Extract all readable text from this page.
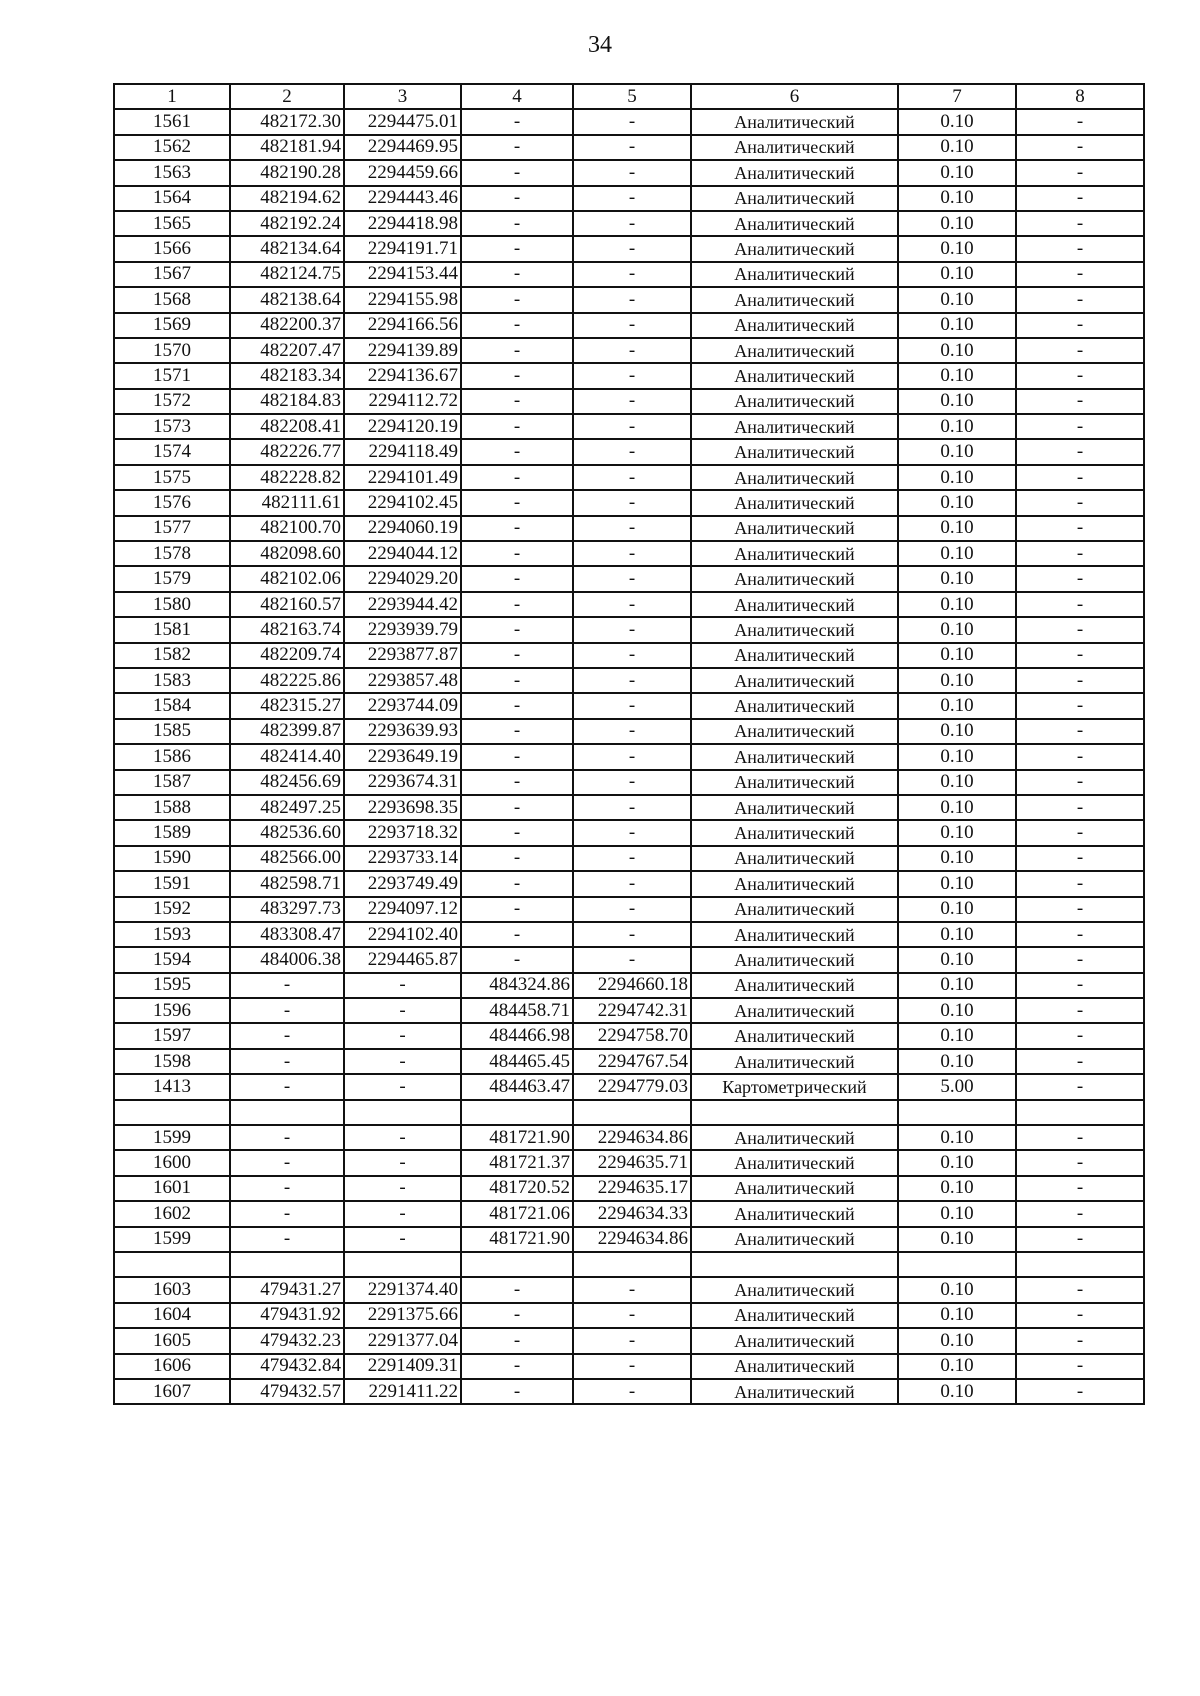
34
1	2	3	4	5	6	7	8
1561	482172.30	2294475.01	-	-	Аналитический	0.10	-
1562	482181.94	2294469.95	-	-	Аналитический	0.10	-
1563	482190.28	2294459.66	-	-	Аналитический	0.10	-
1564	482194.62	2294443.46	-	-	Аналитический	0.10	-
1565	482192.24	2294418.98	-	-	Аналитический	0.10	-
1566	482134.64	2294191.71	-	-	Аналитический	0.10	-
1567	482124.75	2294153.44	-	-	Аналитический	0.10	-
1568	482138.64	2294155.98	-	-	Аналитический	0.10	-
1569	482200.37	2294166.56	-	-	Аналитический	0.10	-
1570	482207.47	2294139.89	-	-	Аналитический	0.10	-
1571	482183.34	2294136.67	-	-	Аналитический	0.10	-
1572	482184.83	2294112.72	-	-	Аналитический	0.10	-
1573	482208.41	2294120.19	-	-	Аналитический	0.10	-
1574	482226.77	2294118.49	-	-	Аналитический	0.10	-
1575	482228.82	2294101.49	-	-	Аналитический	0.10	-
1576	482111.61	2294102.45	-	-	Аналитический	0.10	-
1577	482100.70	2294060.19	-	-	Аналитический	0.10	-
1578	482098.60	2294044.12	-	-	Аналитический	0.10	-
1579	482102.06	2294029.20	-	-	Аналитический	0.10	-
1580	482160.57	2293944.42	-	-	Аналитический	0.10	-
1581	482163.74	2293939.79	-	-	Аналитический	0.10	-
1582	482209.74	2293877.87	-	-	Аналитический	0.10	-
1583	482225.86	2293857.48	-	-	Аналитический	0.10	-
1584	482315.27	2293744.09	-	-	Аналитический	0.10	-
1585	482399.87	2293639.93	-	-	Аналитический	0.10	-
1586	482414.40	2293649.19	-	-	Аналитический	0.10	-
1587	482456.69	2293674.31	-	-	Аналитический	0.10	-
1588	482497.25	2293698.35	-	-	Аналитический	0.10	-
1589	482536.60	2293718.32	-	-	Аналитический	0.10	-
1590	482566.00	2293733.14	-	-	Аналитический	0.10	-
1591	482598.71	2293749.49	-	-	Аналитический	0.10	-
1592	483297.73	2294097.12	-	-	Аналитический	0.10	-
1593	483308.47	2294102.40	-	-	Аналитический	0.10	-
1594	484006.38	2294465.87	-	-	Аналитический	0.10	-
1595	-	-	484324.86	2294660.18	Аналитический	0.10	-
1596	-	-	484458.71	2294742.31	Аналитический	0.10	-
1597	-	-	484466.98	2294758.70	Аналитический	0.10	-
1598	-	-	484465.45	2294767.54	Аналитический	0.10	-
1413	-	-	484463.47	2294779.03	Картометрический	5.00	-

1599	-	-	481721.90	2294634.86	Аналитический	0.10	-
1600	-	-	481721.37	2294635.71	Аналитический	0.10	-
1601	-	-	481720.52	2294635.17	Аналитический	0.10	-
1602	-	-	481721.06	2294634.33	Аналитический	0.10	-
1599	-	-	481721.90	2294634.86	Аналитический	0.10	-

1603	479431.27	2291374.40	-	-	Аналитический	0.10	-
1604	479431.92	2291375.66	-	-	Аналитический	0.10	-
1605	479432.23	2291377.04	-	-	Аналитический	0.10	-
1606	479432.84	2291409.31	-	-	Аналитический	0.10	-
1607	479432.57	2291411.22	-	-	Аналитический	0.10	-
